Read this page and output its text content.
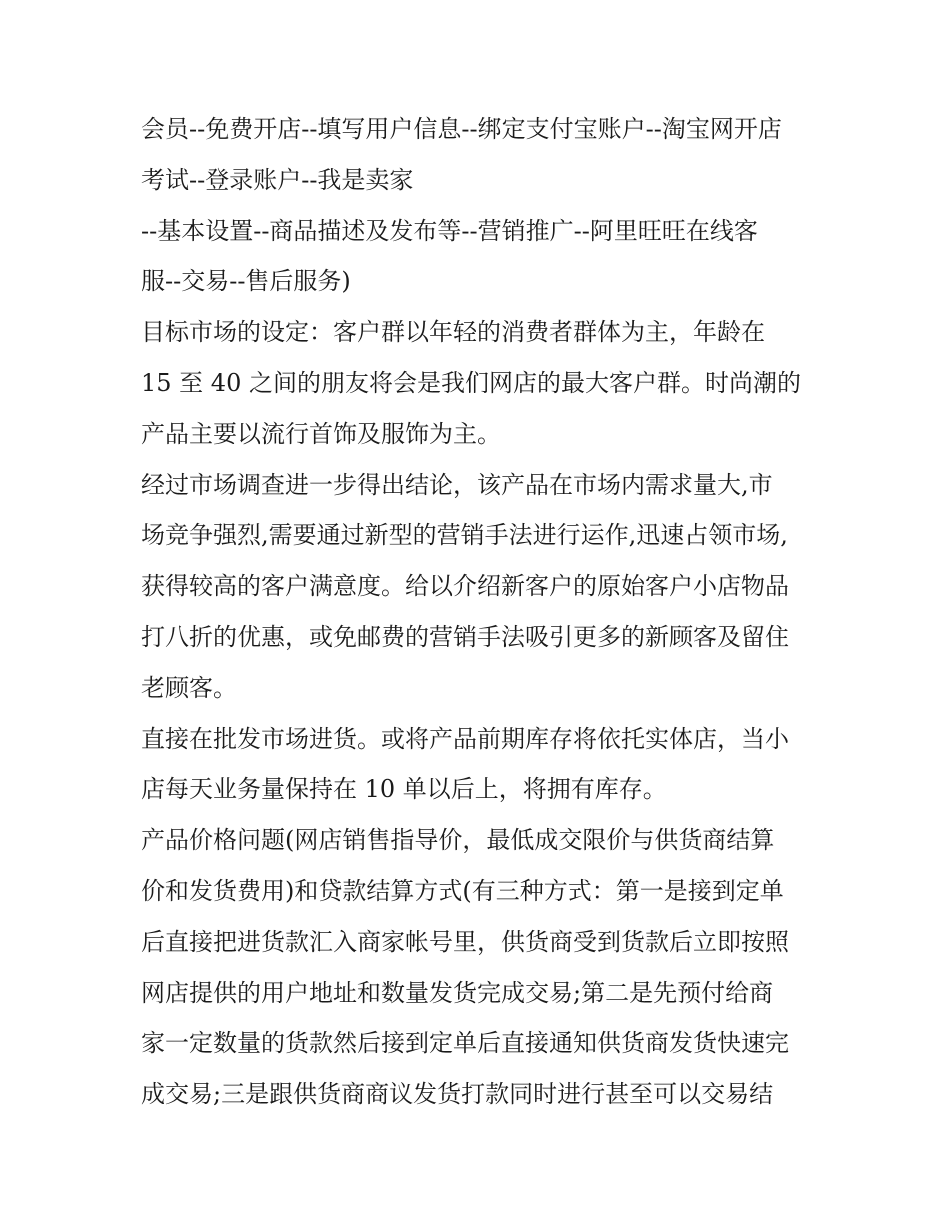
会员--免费开店--填写用户信息--绑定支付宝账户--淘宝网开店
考试--登录账户--我是卖家
--基本设置--商品描述及发布等--营销推广--阿里旺旺在线客
服--交易--售后服务)
目标市场的设定：客户群以年轻的消费者群体为主，年龄在
15 至 40 之间的朋友将会是我们网店的最大客户群。时尚潮的
产品主要以流行首饰及服饰为主。
经过市场调查进一步得出结论，该产品在市场内需求量大,市
场竞争强烈,需要通过新型的营销手法进行运作,迅速占领市场,
获得较高的客户满意度。给以介绍新客户的原始客户小店物品
打八折的优惠，或免邮费的营销手法吸引更多的新顾客及留住
老顾客。
直接在批发市场进货。或将产品前期库存将依托实体店，当小
店每天业务量保持在 10 单以后上，将拥有库存。
产品价格问题(网店销售指导价，最低成交限价与供货商结算
价和发货费用)和贷款结算方式(有三种方式：第一是接到定单
后直接把进货款汇入商家帐号里，供货商受到货款后立即按照
网店提供的用户地址和数量发货完成交易;第二是先预付给商
家一定数量的货款然后接到定单后直接通知供货商发货快速完
成交易;三是跟供货商商议发货打款同时进行甚至可以交易结
